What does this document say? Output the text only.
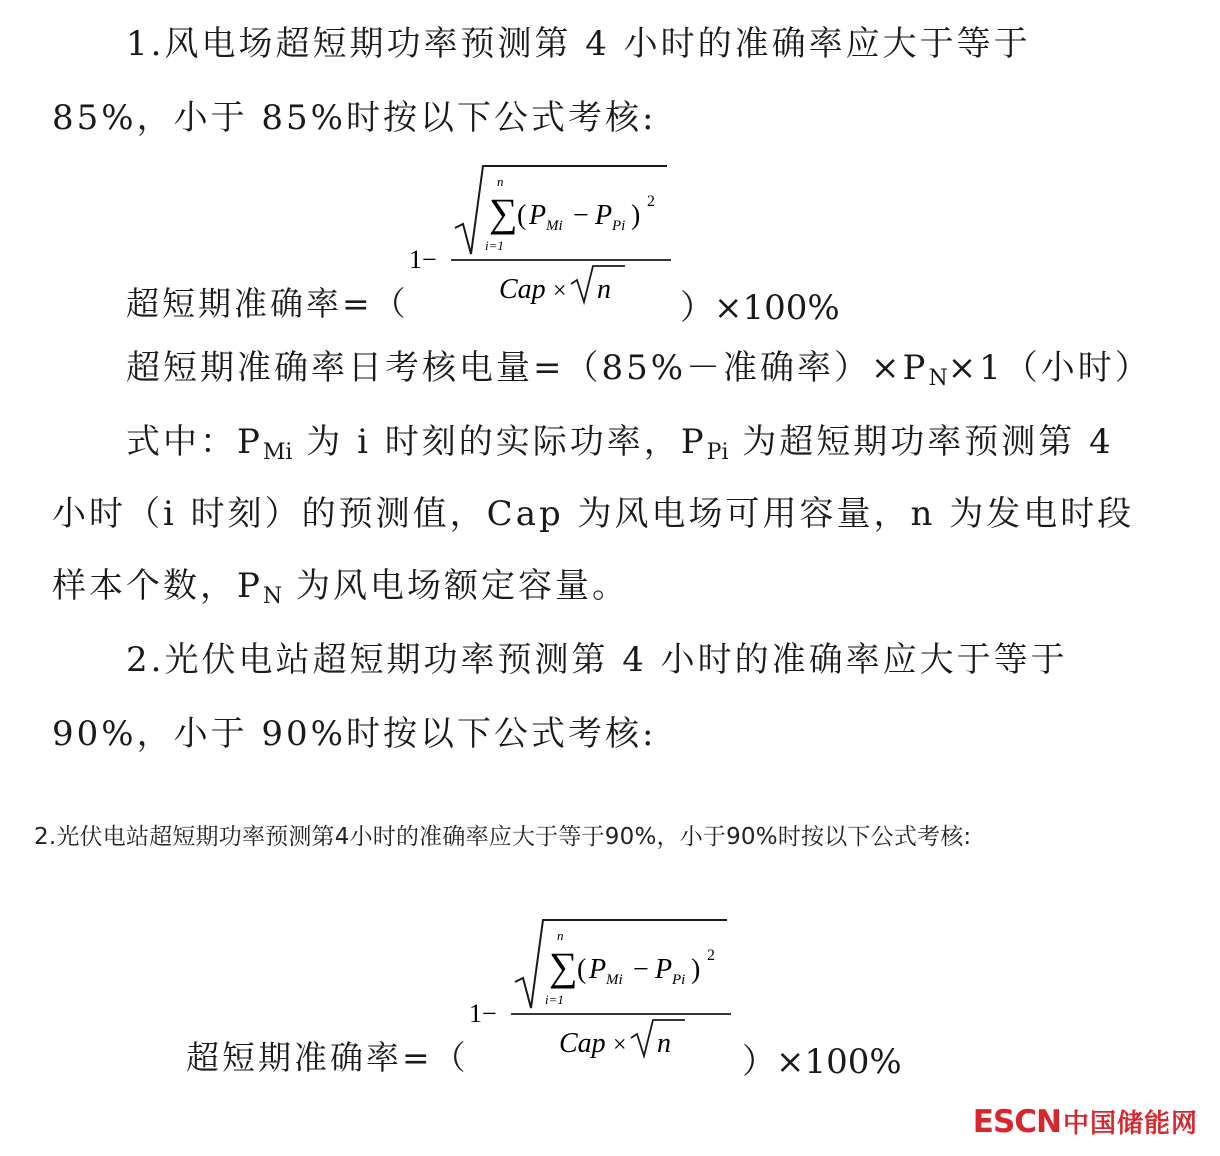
1.风电场超短期功率预测第 4 小时的准确率应大于等于
85%，小于 85%时按以下公式考核:
超短期准确率=（
1−
∑
n
i=1
( P Mi − P Pi ) 2
Cap × n ）×100%
超短期准确率日考核电量=（85%－准确率）$\times P_N\times 1$（小时）
式中：$P_{Mi}$ 为 i 时刻的实际功率，$P_{Pi}$ 为超短期功率预测第 4
小时（i 时刻）的预测值，Cap 为风电场可用容量，n 为发电时段
样本个数，$P_N$ 为风电场额定容量。
2.光伏电站超短期功率预测第 4 小时的准确率应大于等于
90%，小于 90%时按以下公式考核:
2.光伏电站超短期功率预测第4小时的准确率应大于等于90%，小于90%时按以下公式考核:
超短期准确率=（
1−
∑
n
i=1
( P Mi − P Pi ) 2
Cap × n ）×100%
ESCN中国储能网
